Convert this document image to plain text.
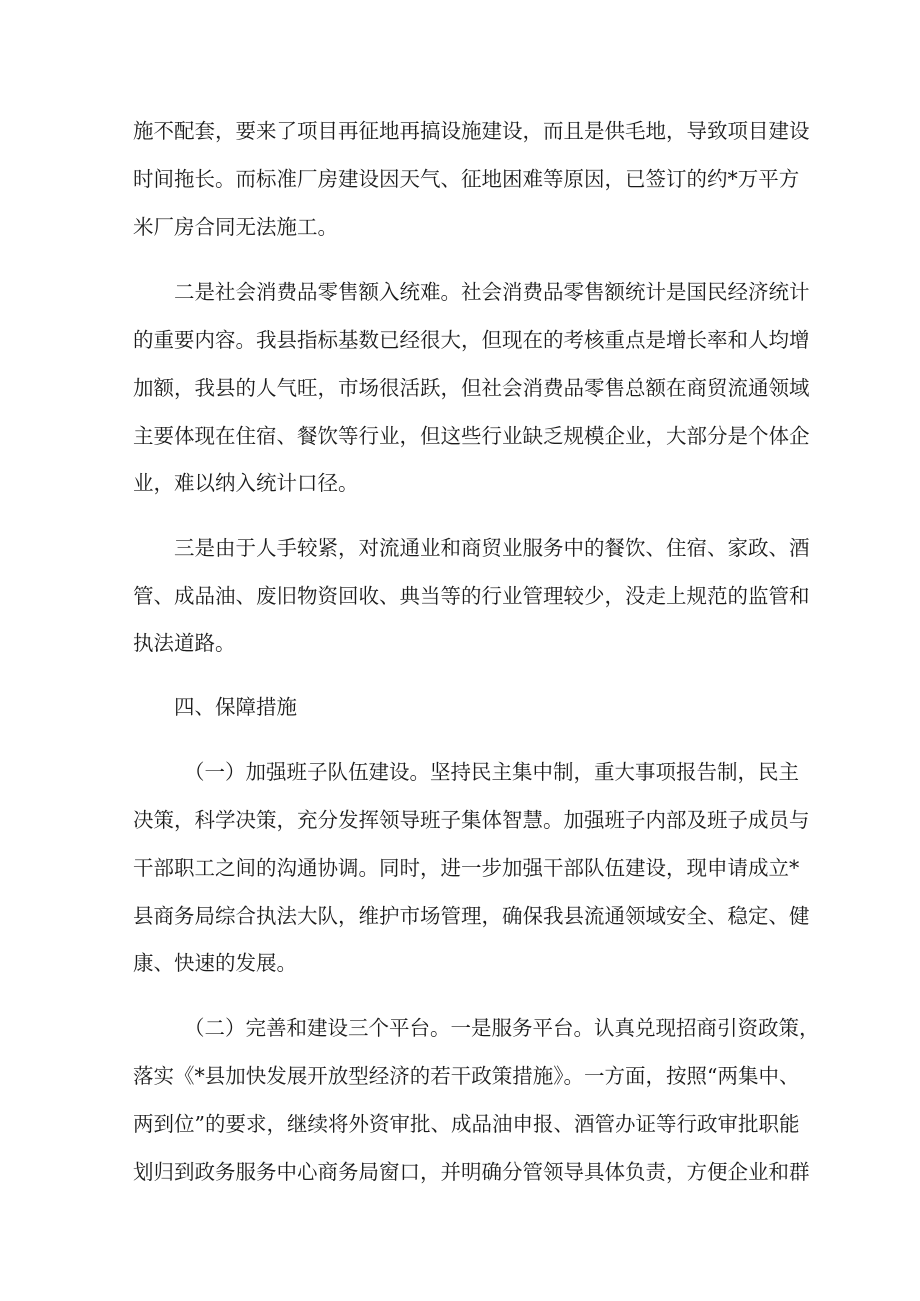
施不配套，要来了项目再征地再搞设施建设，而且是供毛地，导致项目建设

时间拖长。而标准厂房建设因天气、征地困难等原因，已签订的约*万平方

米厂房合同无法施工。

二是社会消费品零售额入统难。社会消费品零售额统计是国民经济统计

的重要内容。我县指标基数已经很大，但现在的考核重点是增长率和人均增

加额，我县的人气旺，市场很活跃，但社会消费品零售总额在商贸流通领域

主要体现在住宿、餐饮等行业，但这些行业缺乏规模企业，大部分是个体企

业，难以纳入统计口径。

三是由于人手较紧，对流通业和商贸业服务中的餐饮、住宿、家政、酒

管、成品油、废旧物资回收、典当等的行业管理较少，没走上规范的监管和

执法道路。

四、保障措施

（一）加强班子队伍建设。坚持民主集中制，重大事项报告制，民主

决策，科学决策，充分发挥领导班子集体智慧。加强班子内部及班子成员与

干部职工之间的沟通协调。同时，进一步加强干部队伍建设，现申请成立*

县商务局综合执法大队，维护市场管理，确保我县流通领域安全、稳定、健

康、快速的发展。

（二）完善和建设三个平台。一是服务平台。认真兑现招商引资政策，

落实《*县加快发展开放型经济的若干政策措施》。一方面，按照“两集中、

两到位”的要求，继续将外资审批、成品油申报、酒管办证等行政审批职能

划归到政务服务中心商务局窗口，并明确分管领导具体负责，方便企业和群
